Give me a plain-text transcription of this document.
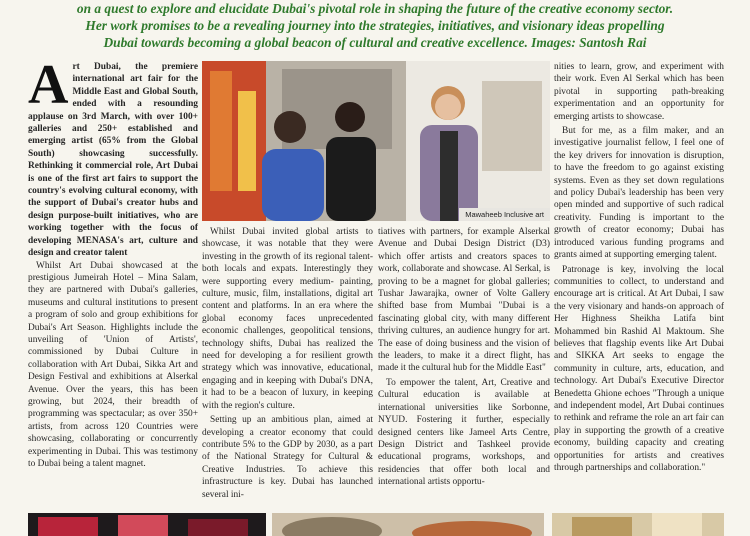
on a quest to explore and elucidate Dubai's pivotal role in shaping the future of the creative economy sector.
Her work promises to be a revealing journey into the strategies, initiatives, and visionary ideas propelling
Dubai towards becoming a global beacon of cultural and creative excellence. Images: Santosh Rai
A rt Dubai, the premiere international art fair for the Middle East and Global South, ended with a resounding applause on 3rd March, with over 100+ galleries and 250+ established and emerging artist (65% from the Global South) showcasing successfully. Rethinking it commercial role, Art Dubai is one of the first art fairs to support the country's evolving cultural economy, with the support of Dubai's creator hubs and design purpose-built initiatives, who are working together with the focus of developing MENASA's art, culture and design and creator talent

Whilst Art Dubai showcased at the prestigious Jumeirah Hotel – Mina Salam, they are partnered with Dubai's galleries, museums and cultural institutions to present a program of solo and group exhibitions for Dubai's Art Season. Highlights include the unveiling of 'Union of Artists', commissioned by Dubai Culture in collaboration with Art Dubai, Sikka Art and Design Festival and exhibitions at Alserkal Avenue. Over the years, this has been growing, but 2024, their breadth of programming was spectacular; as over 350+ artists, from across 120 Countries were showcasing, collaborating or concurrently experimenting in Dubai. This was testimony to Dubai being a talent magnet.

Mawaheeb Inclusive art

Whilst Dubai invited global artists to showcase, it was notable that they were investing in the growth of its regional talent- both locals and expats. Interestingly they were supporting every medium- painting, culture, music, film, installations, digital art content and platforms. In an era where the global economy faces unprecedented economic challenges, geopolitical tensions, technology shifts, Dubai has realized the need for developing a for resilient growth strategy which was innovative, educational, engaging and in keeping with Dubai's DNA, it had to be a beacon of luxury, in keeping with the region's culture.

Setting up an ambitious plan, aimed at developing a creator economy that could contribute 5% to the GDP by 2030, as a part of the National Strategy for Cultural & Creative Industries. To achieve this infrastructure is key. Dubai has launched several ini-

tiatives with partners, for example Alserkal Avenue and Dubai Design District (D3) which offer artists and creators spaces to work, collaborate and showcase. Al Serkal, is proving to be a magnet for global galleries; Tushar Jawarajka, owner of Volte Gallery shifted base from Mumbai "Dubai is a fascinating global city, with many different thriving cultures, an audience hungry for art. The ease of doing business and the vision of the leaders, to make it a direct flight, has made it the cultural hub for the Middle East"

To empower the talent, Art, Creative and Cultural education is available at international universities like Sorbonne, NYUD. Fostering it further, especially designed centers like Jameel Arts Centre, Design District and Tashkeel provide educational programs, workshops, and residencies that offer both local and international artists opportu-

nities to learn, grow, and experiment with their work. Even Al Serkal which has been pivotal in supporting path-breaking experimentation and an opportunity for emerging artists to showcase.

But for me, as a film maker, and an investigative journalist fellow, I feel one of the key drivers for innovation is disruption, to have the freedom to go against existing systems. Even as they set down regulations and policy Dubai's leadership has been very open minded and supportive of such radical creativity. Funding is important to the growth of creator economy; Dubai has introduced various funding programs and grants aimed at supporting emerging talent.

Patronage is key, involving the local communities to collect, to understand and encourage art is critical. At Art Dubai, I saw the very visionary and hands-on approach of Her Highness Sheikha Latifa bint Mohammed bin Rashid Al Maktoum. She believes that flagship events like Art Dubai and SIKKA Art seeks to engage the community in culture, arts, education, and technology. Art Dubai's Executive Director Benedetta Ghione echoes "Through a unique and independent model, Art Dubai continues to rethink and reframe the role an art fair can play in supporting the growth of a creative economy, building capacity and creating opportunities for artists and creatives through partnerships and collaboration."
